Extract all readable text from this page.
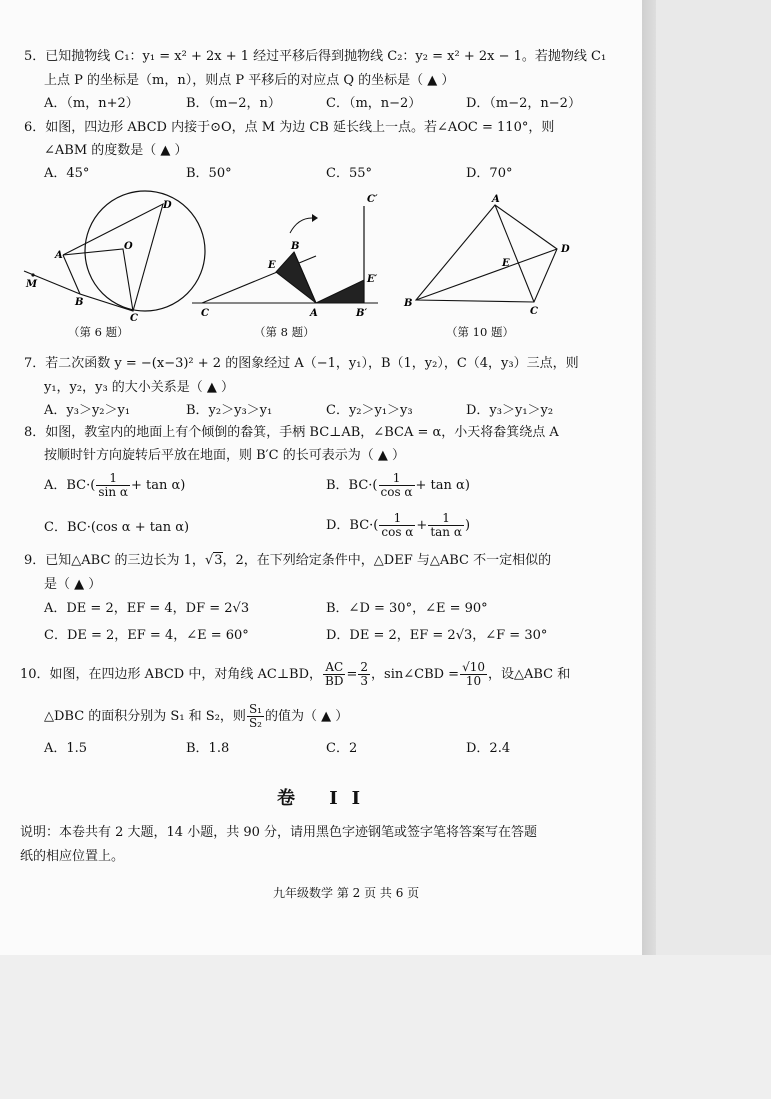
5．已知抛物线 C₁：y₁ = x² + 2x + 1 经过平移后得到抛物线 C₂：y₂ = x² + 2x − 1。若抛物线 C₁
上点 P 的坐标是（m，n），则点 P 平移后的对应点 Q 的坐标是（ ▲ ）
A．（m，n+2）	B．（m−2，n）	C．（m，n−2）	D．（m−2，n−2）
6．如图，四边形 ABCD 内接于⊙O，点 M 为边 CB 延长线上一点。若∠AOC = 110°，则
∠ABM 的度数是（ ▲ ）
A．45°	B．50°	C．55°	D．70°
D
O
A
M
B
C
C′
E
B
E′
C	A	B′
A
E
D
B
C
（第 6 题）	（第 8 题）	（第 10 题）
7．若二次函数 y = −(x−3)² + 2 的图象经过 A（−1，y₁），B（1，y₂），C（4，y₃）三点，则
y₁，y₂，y₃ 的大小关系是（ ▲ ）
A．y₃＞y₂＞y₁	B．y₂＞y₃＞y₁	C．y₂＞y₁＞y₃	D．y₃＞y₁＞y₂
8．如图，教室内的地面上有个倾倒的畚箕，手柄 BC⊥AB，∠BCA = α，小天将畚箕绕点 A
按顺时针方向旋转后平放在地面，则 B′C 的长可表示为（ ▲ ）
A．$BC\cdot( \frac{1}{\text{sin α}} + \tan \alpha)$	B．$BC\cdot( \frac{1}{\text{cos α}} + \tan \alpha)$
C．BC·(cos α + tan α)	D．$BC\cdot( \frac{1}{\text{cos α}} + \frac{1}{\text{tan α}}$ )
9．已知△ABC 的三边长为 1，√3，2，在下列给定条件中，△DEF 与△ABC 不一定相似的
是（ ▲ ）
A．DE = 2，EF = 4，DF = 2√3	B．∠D = 30°，∠E = 90°
C．DE = 2，EF = 4，∠E = 60°	D．DE = 2，EF = 2√3，∠F = 30°
10．如图，在四边形 ABCD 中，对角线 AC⊥BD， $\frac{AC}{BD} = \frac{2}{3}$ ，sin∠CBD = $\frac{√10}{10}$ ，设△ABC 和
△DBC 的面积分别为 S₁ 和 S₂，则 $\frac{\text{S₁}}{\text{S₂}}$ 的值为（ ▲ ）
A．1.5	B．1.8	C．2	D．2.4
卷 II
说明：本卷共有 2 大题，14 小题，共 90 分，请用黑色字迹钢笔或签字笔将答案写在答题
纸的相应位置上。
九年级数学 第 2 页 共 6 页
